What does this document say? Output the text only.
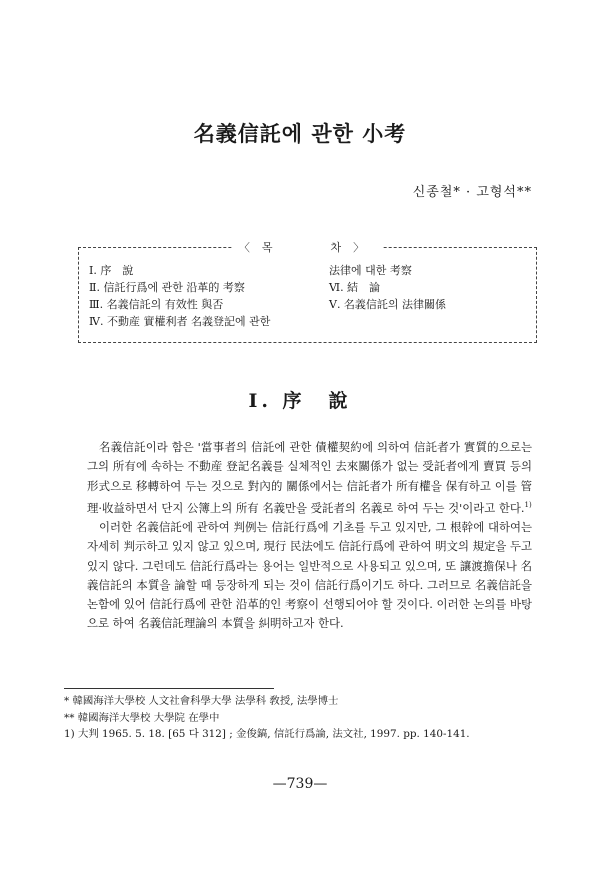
名義信託에 관한 小考
신종철* · 고형석**
〈목　　차〉
Ⅰ. 序　說
Ⅱ. 信託行爲에 관한 沿革的 考察
Ⅲ. 名義信託의 有效性 與否
Ⅳ. 不動産 實權利者 名義登記에 관한
法律에 대한 考察
Ⅵ. 結　論
Ⅴ. 名義信託의 法律關係
Ⅰ. 序　說

名義信託이라 함은 '當事者의 信託에 관한 債權契約에 의하여 信託者가 實質的으로는 그의 所有에 속하는 不動産 登記名義를 실체적인 去來關係가 없는 受託者에게 賣買 등의 形式으로 移轉하여 두는 것으로 對內的 關係에서는 信託者가 所有權을 保有하고 이를 管理·收益하면서 단지 公簿上의 所有 名義만을 受託者의 名義로 하여 두는 것'이라고 한다.$^{1)}$

이러한 名義信託에 관하여 判例는 信託行爲에 기초를 두고 있지만, 그 根幹에 대하여는 자세히 判示하고 있지 않고 있으며, 現行 民法에도 信託行爲에 관하여 明文의 規定을 두고 있지 않다. 그런데도 信託行爲라는 용어는 일반적으로 사용되고 있으며, 또 讓渡擔保나 名義信託의 本質을 論할 때 등장하게 되는 것이 信託行爲이기도 하다. 그러므로 名義信託을 논함에 있어 信託行爲에 관한 沿革的인 考察이 선행되어야 할 것이다. 이러한 논의를 바탕으로 하여 名義信託理論의 本質을 糾明하고자 한다.

* 韓國海洋大學校 人文社會科學大學 法學科 敎授, 法學博士
** 韓國海洋大學校 大學院 在學中
1) 大判 1965. 5. 18. [65 다 312] ; 金俊鎬, 信託行爲論, 法文社, 1997. pp. 140-141.
—739—
